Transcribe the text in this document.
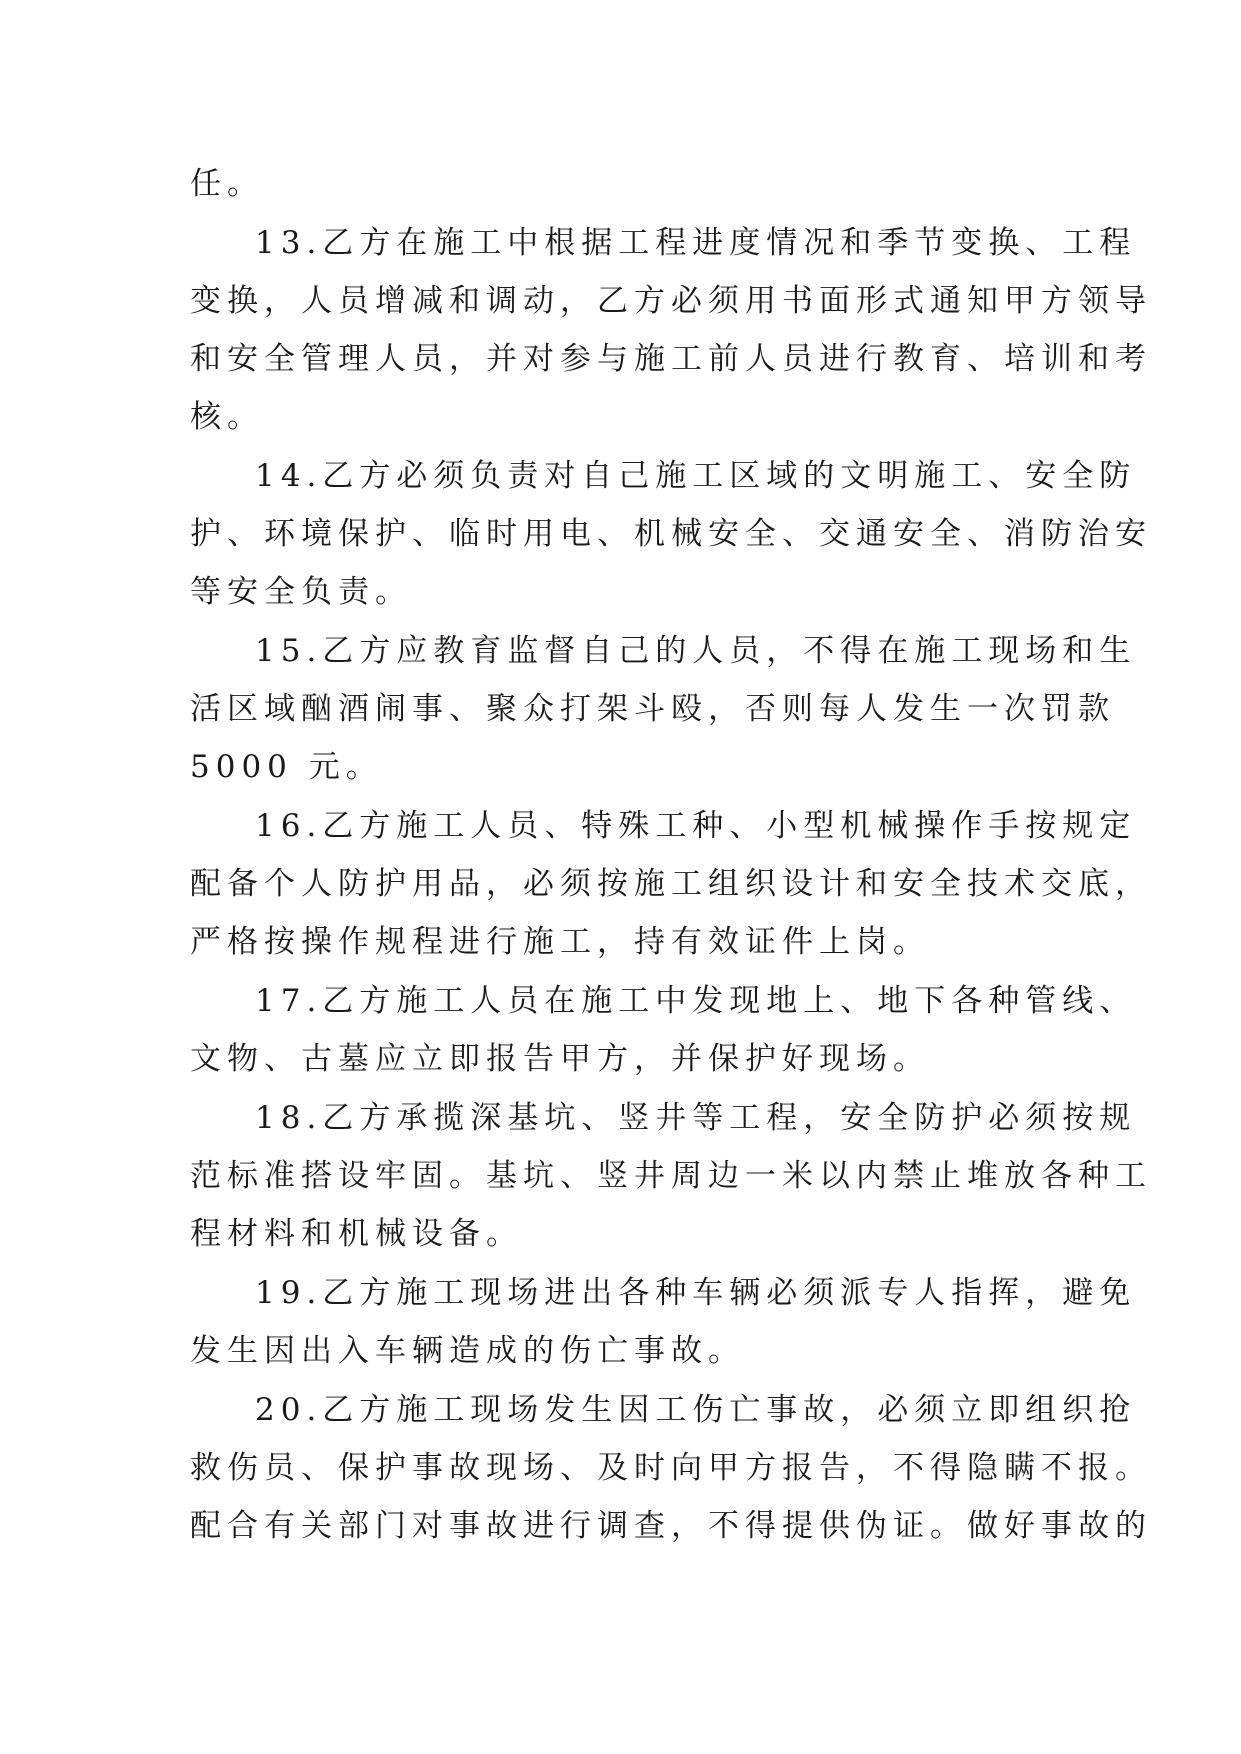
任。

13.乙方在施工中根据工程进度情况和季节变换、工程

变换，人员增减和调动，乙方必须用书面形式通知甲方领导

和安全管理人员，并对参与施工前人员进行教育、培训和考

核。

14.乙方必须负责对自己施工区域的文明施工、安全防

护、环境保护、临时用电、机械安全、交通安全、消防治安

等安全负责。

15.乙方应教育监督自己的人员，不得在施工现场和生

活区域酗酒闹事、聚众打架斗殴，否则每人发生一次罚款

5000 元。

16.乙方施工人员、特殊工种、小型机械操作手按规定

配备个人防护用品，必须按施工组织设计和安全技术交底，

严格按操作规程进行施工，持有效证件上岗。

17.乙方施工人员在施工中发现地上、地下各种管线、

文物、古墓应立即报告甲方，并保护好现场。

18.乙方承揽深基坑、竖井等工程，安全防护必须按规

范标准搭设牢固。基坑、竖井周边一米以内禁止堆放各种工

程材料和机械设备。

19.乙方施工现场进出各种车辆必须派专人指挥，避免

发生因出入车辆造成的伤亡事故。

20.乙方施工现场发生因工伤亡事故，必须立即组织抢

救伤员、保护事故现场、及时向甲方报告，不得隐瞒不报。

配合有关部门对事故进行调查，不得提供伪证。做好事故的
